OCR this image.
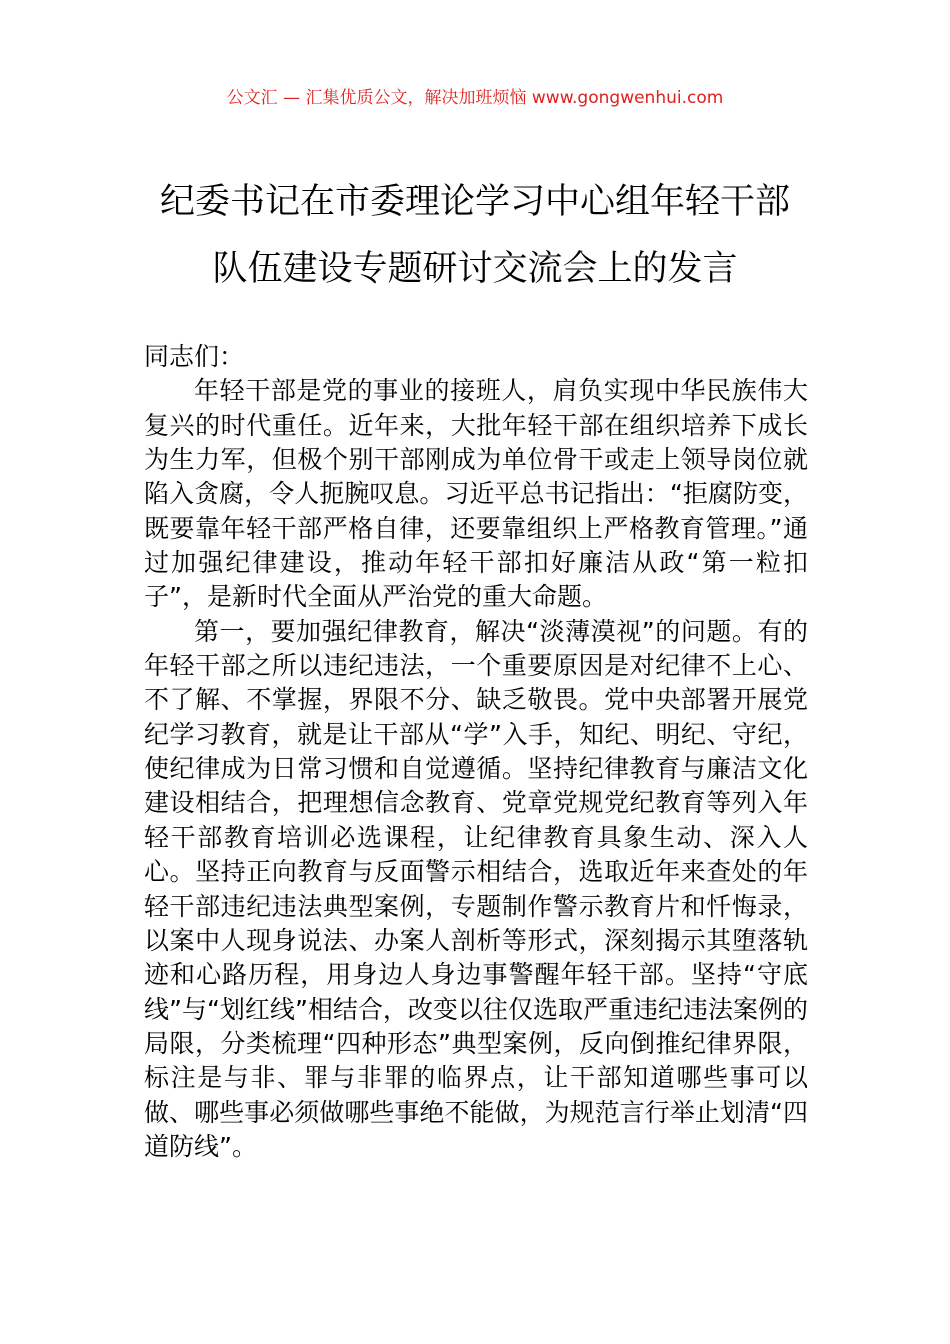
公文汇 — 汇集优质公文，解决加班烦恼 www.gongwenhui.com
纪委书记在市委理论学习中心组年轻干部
队伍建设专题研讨交流会上的发言

同志们：

年轻干部是党的事业的接班人，肩负实现中华民族伟大复兴的时代重任。近年来，大批年轻干部在组织培养下成长为生力军，但极个别干部刚成为单位骨干或走上领导岗位就陷入贪腐，令人扼腕叹息。习近平总书记指出：“拒腐防变，既要靠年轻干部严格自律，还要靠组织上严格教育管理。”通过加强纪律建设，推动年轻干部扣好廉洁从政“第一粒扣子”，是新时代全面从严治党的重大命题。

第一，要加强纪律教育，解决“淡薄漠视”的问题。有的年轻干部之所以违纪违法，一个重要原因是对纪律不上心、不了解、不掌握，界限不分、缺乏敬畏。党中央部署开展党纪学习教育，就是让干部从“学”入手，知纪、明纪、守纪，使纪律成为日常习惯和自觉遵循。坚持纪律教育与廉洁文化建设相结合，把理想信念教育、党章党规党纪教育等列入年轻干部教育培训必选课程，让纪律教育具象生动、深入人心。坚持正向教育与反面警示相结合，选取近年来查处的年轻干部违纪违法典型案例，专题制作警示教育片和忏悔录，以案中人现身说法、办案人剖析等形式，深刻揭示其堕落轨迹和心路历程，用身边人身边事警醒年轻干部。坚持“守底线”与“划红线”相结合，改变以往仅选取严重违纪违法案例的局限，分类梳理“四种形态”典型案例，反向倒推纪律界限，标注是与非、罪与非罪的临界点，让干部知道哪些事可以做、哪些事必须做哪些事绝不能做，为规范言行举止划清“四道防线”。
